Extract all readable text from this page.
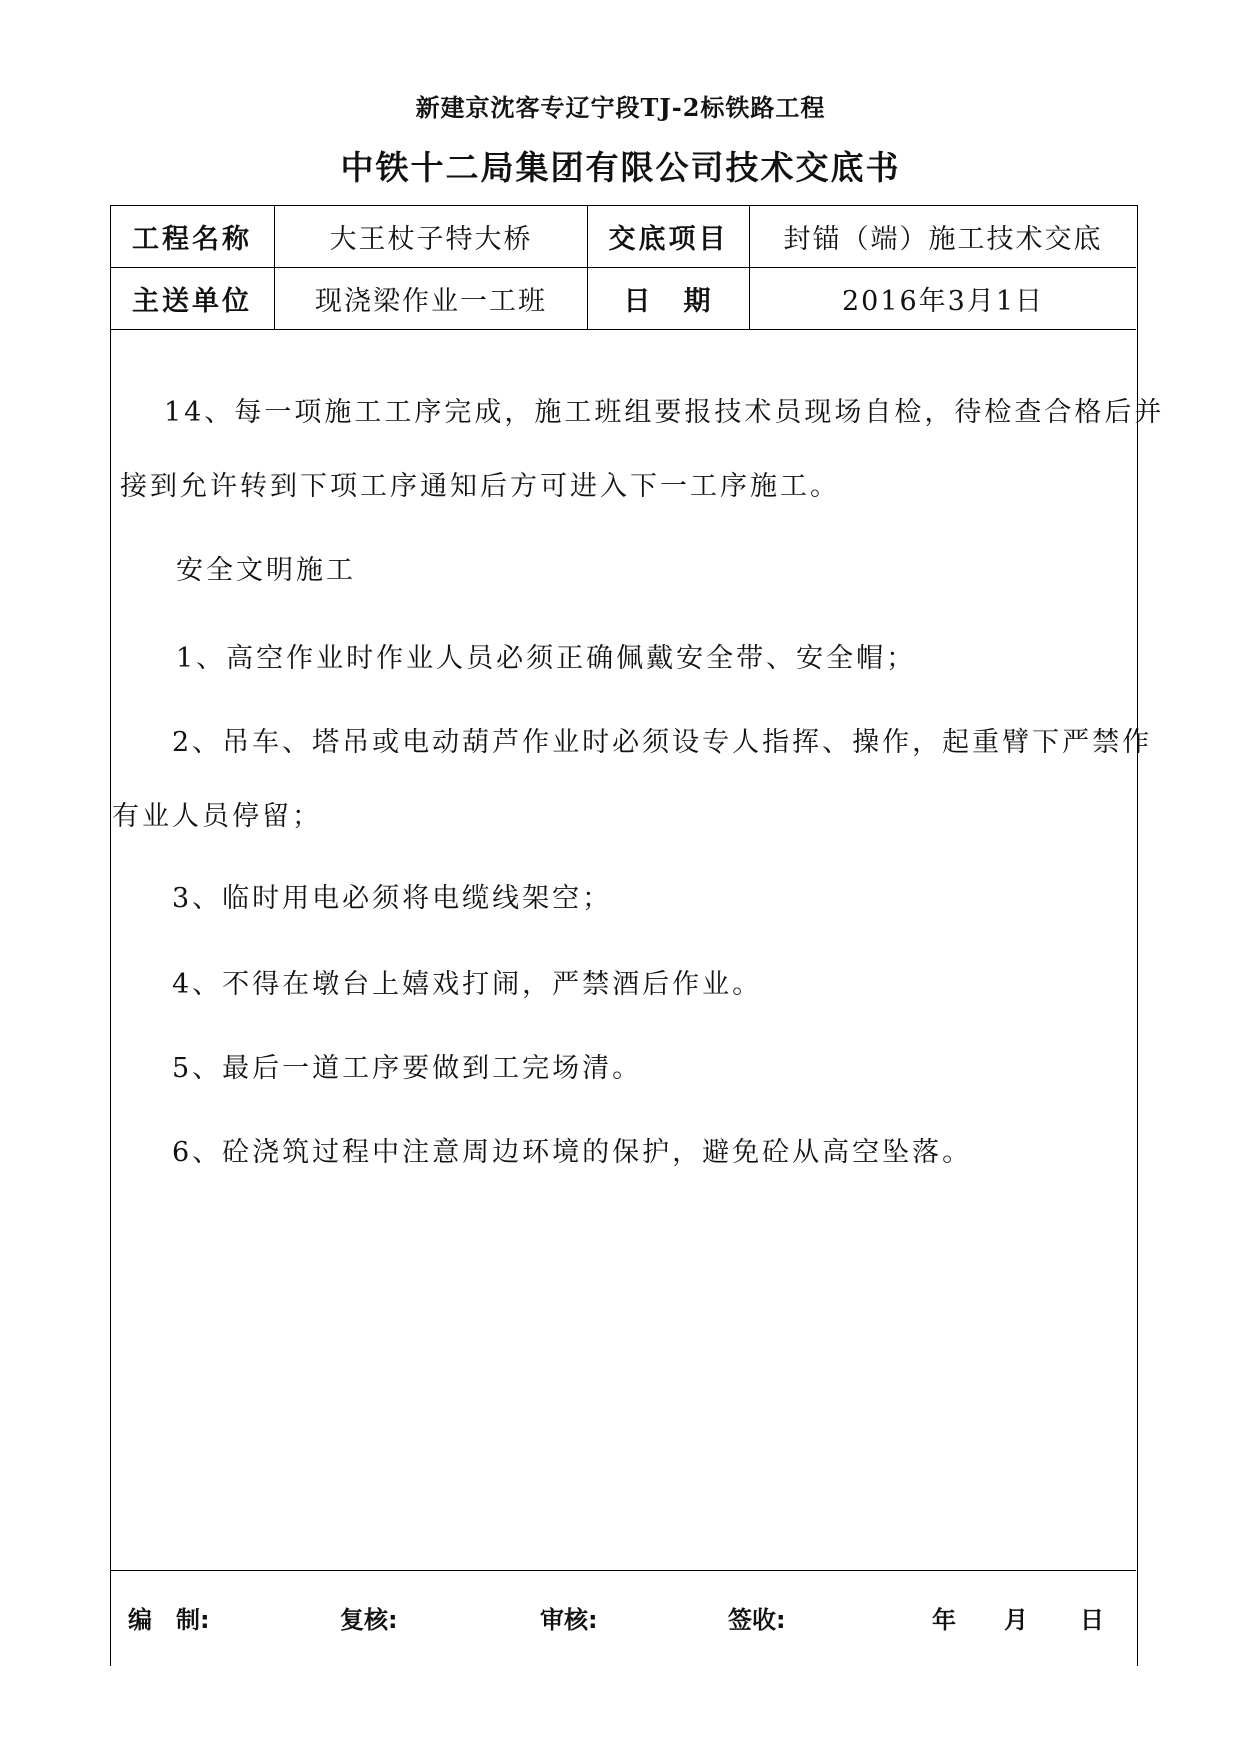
新建京沈客专辽宁段TJ-2标铁路工程
中铁十二局集团有限公司技术交底书
工程名称	大王杖子特大桥	交底项目	封锚（端）施工技术交底
主送单位	现浇梁作业一工班	日　期	2016年3月1日
14、每一项施工工序完成，施工班组要报技术员现场自检，待检查合格后并
接到允许转到下项工序通知后方可进入下一工序施工。
安全文明施工
1、高空作业时作业人员必须正确佩戴安全带、安全帽；
2、吊车、塔吊或电动葫芦作业时必须设专人指挥、操作，起重臂下严禁作
有业人员停留；
3、临时用电必须将电缆线架空；
4、不得在墩台上嬉戏打闹，严禁酒后作业。
5、最后一道工序要做到工完场清。
6、砼浇筑过程中注意周边环境的保护，避免砼从高空坠落。
编　制:	复核:	审核:	签收:	年 月 日
